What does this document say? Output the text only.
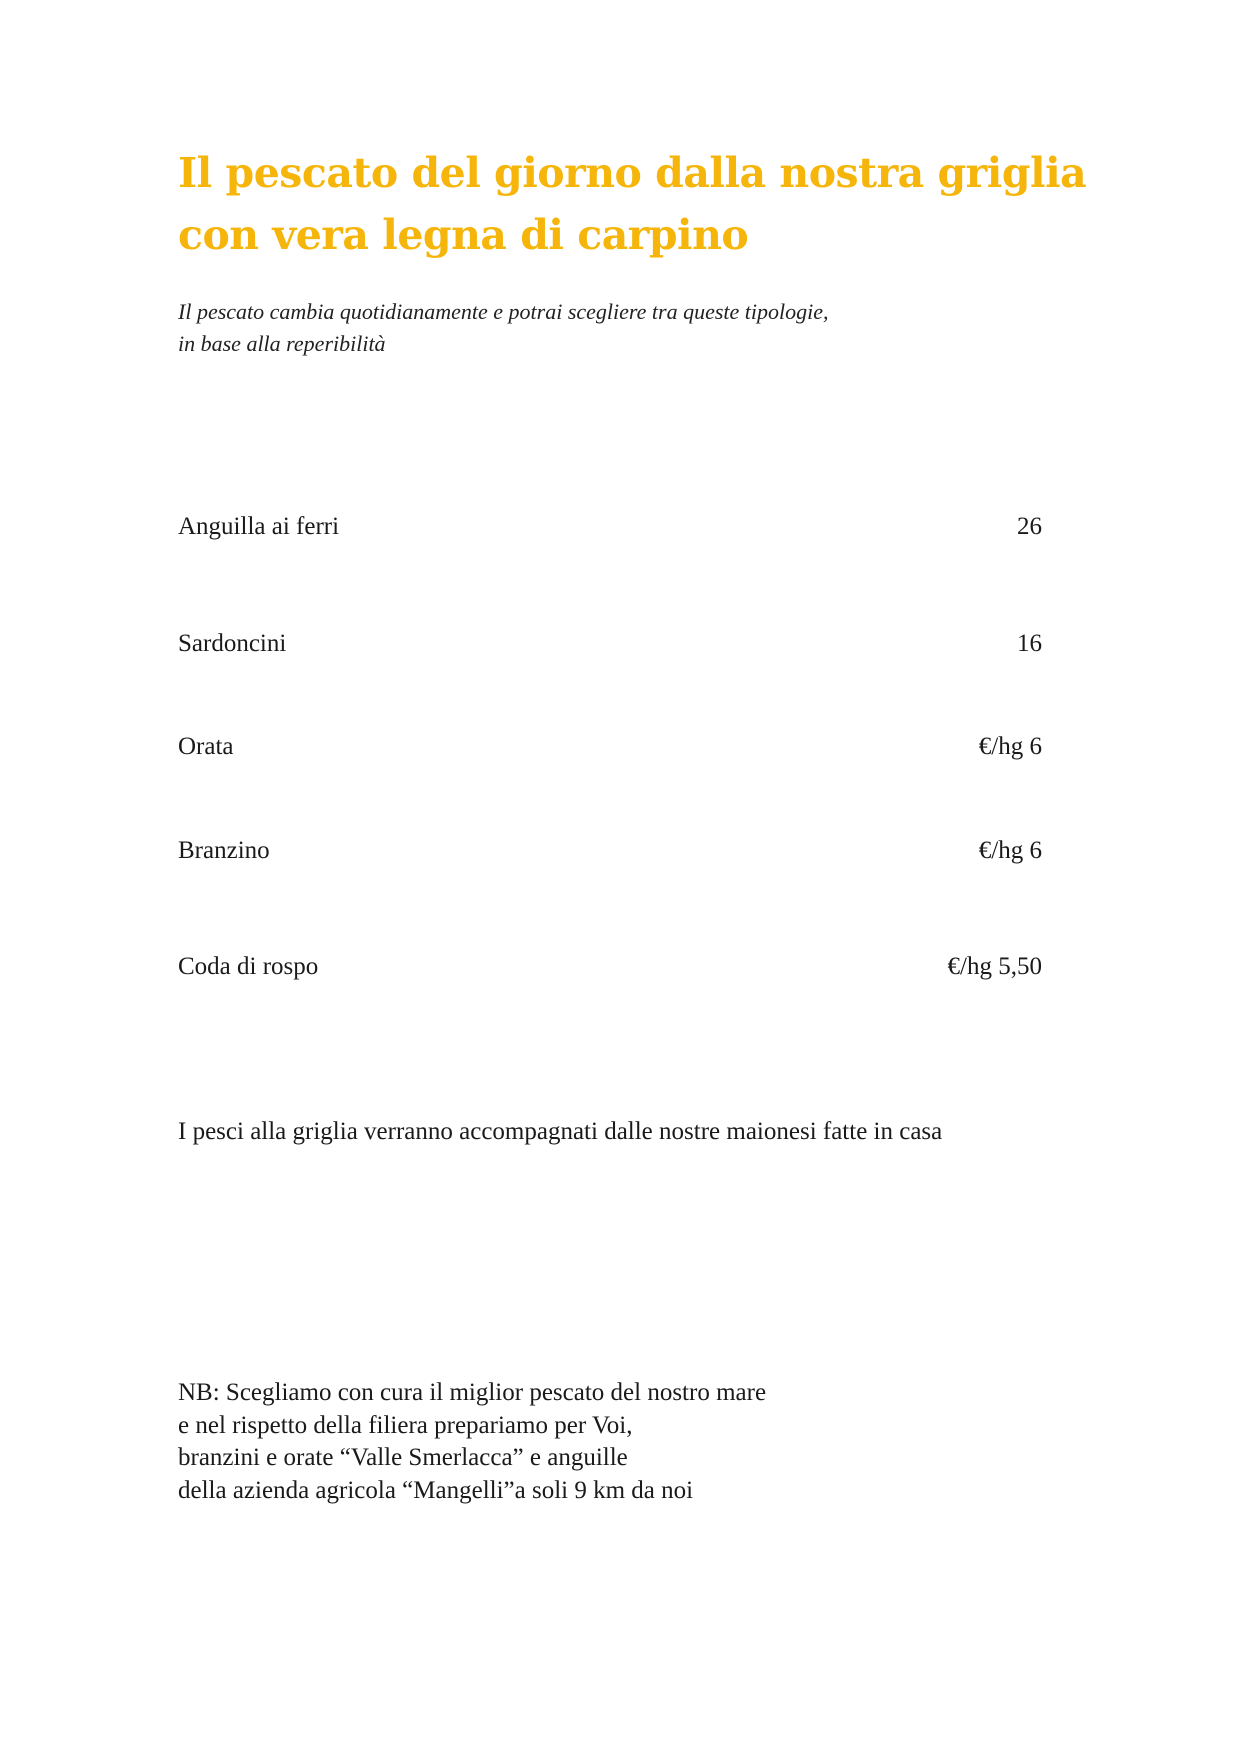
Il pescato del giorno dalla nostra griglia
con vera legna di carpino

Il pescato cambia quotidianamente e potrai scegliere tra queste tipologie,
in base alla reperibilità

Anguilla ai ferri	26
Sardoncini	16
Orata	€/hg 6
Branzino	€/hg 6
Coda di rospo	€/hg 5,50
I pesci alla griglia verranno accompagnati dalle nostre maionesi fatte in casa
NB: Scegliamo con cura il miglior pescato del nostro mare
e nel rispetto della filiera prepariamo per Voi,
branzini e orate “Valle Smerlacca” e anguille
della azienda agricola “Mangelli”a soli 9 km da noi
